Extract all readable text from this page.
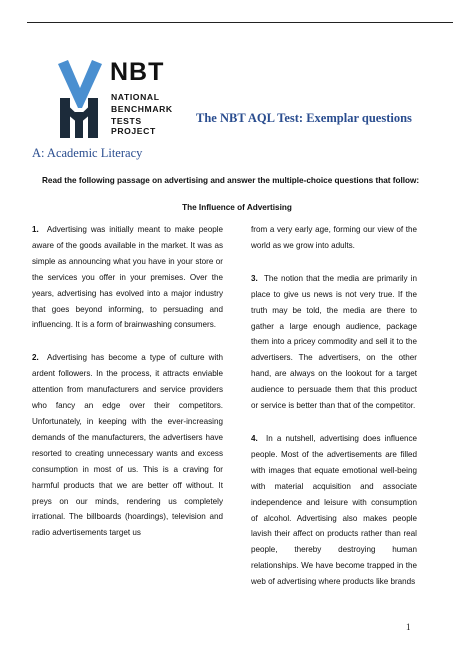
NBT
NATIONAL
BENCHMARK
TESTS PROJECT
The NBT AQL Test: Exemplar questions
A: Academic Literacy
Read the following passage on advertising and answer the multiple-choice questions that follow:
The Influence of Advertising

1. Advertising was initially meant to make people aware of the goods available in the market. It was as simple as announcing what you have in your store or the services you offer in your premises. Over the years, advertising has evolved into a major industry that goes beyond informing, to persuading and influencing. It is a form of brainwashing consumers.

2. Advertising has become a type of culture with ardent followers. In the process, it attracts enviable attention from manufacturers and service providers who fancy an edge over their competitors. Unfortunately, in keeping with the ever-increasing demands of the manufacturers, the advertisers have resorted to creating unnecessary wants and excess consumption in most of us. This is a craving for harmful products that we are better off without. It preys on our minds, rendering us completely irrational. The billboards (hoardings), television and radio advertisements target us

from a very early age, forming our view of the world as we grow into adults.

3. The notion that the media are primarily in place to give us news is not very true. If the truth may be told, the media are there to gather a large enough audience, package them into a pricey commodity and sell it to the advertisers. The advertisers, on the other hand, are always on the lookout for a target audience to persuade them that this product or service is better than that of the competitor.

4. In a nutshell, advertising does influence people. Most of the advertisements are filled with images that equate emotional well-being with material acquisition and associate independence and leisure with consumption of alcohol. Advertising also makes people lavish their affect on products rather than real people, thereby destroying human relationships. We have become trapped in the web of advertising where products like brands

1
